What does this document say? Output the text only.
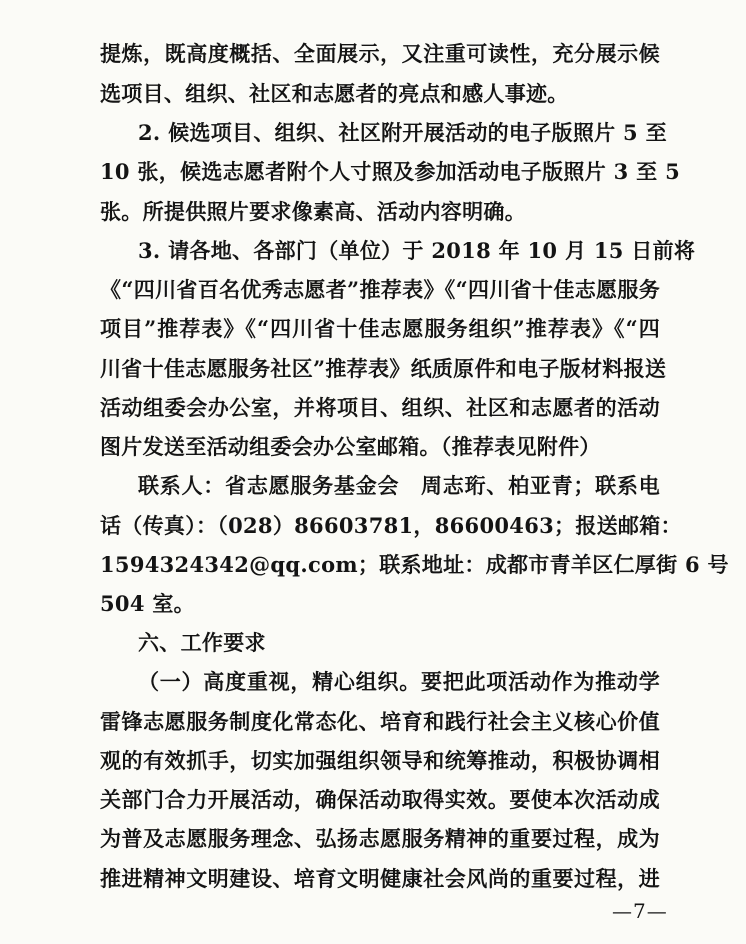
提炼，既高度概括、全面展示，又注重可读性，充分展示候
选项目、组织、社区和志愿者的亮点和感人事迹。
2. 候选项目、组织、社区附开展活动的电子版照片 5 至
10 张，候选志愿者附个人寸照及参加活动电子版照片 3 至 5
张。所提供照片要求像素高、活动内容明确。
3. 请各地、各部门（单位）于 2018 年 10 月 15 日前将
《“四川省百名优秀志愿者”推荐表》《“四川省十佳志愿服务
项目”推荐表》《“四川省十佳志愿服务组织”推荐表》《“四
川省十佳志愿服务社区”推荐表》纸质原件和电子版材料报送
活动组委会办公室，并将项目、组织、社区和志愿者的活动
图片发送至活动组委会办公室邮箱。（推荐表见附件）
联系人：省志愿服务基金会　周志珩、柏亚青；联系电
话（传真）：（028）86603781，86600463；报送邮箱：
1594324342@qq.com；联系地址：成都市青羊区仁厚街 6 号
504 室。
六、工作要求
（一）高度重视，精心组织。要把此项活动作为推动学
雷锋志愿服务制度化常态化、培育和践行社会主义核心价值
观的有效抓手，切实加强组织领导和统筹推动，积极协调相
关部门合力开展活动，确保活动取得实效。要使本次活动成
为普及志愿服务理念、弘扬志愿服务精神的重要过程，成为
推进精神文明建设、培育文明健康社会风尚的重要过程，进
—7—
